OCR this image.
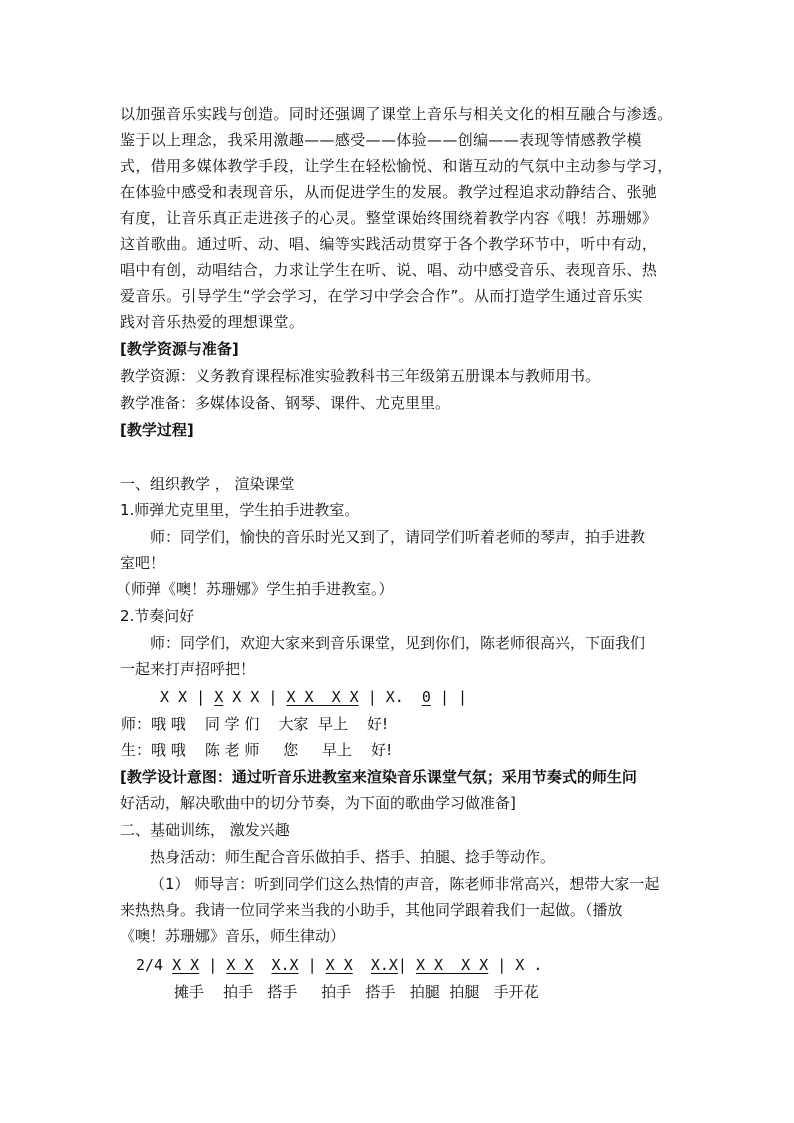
以加强音乐实践与创造。同时还强调了课堂上音乐与相关文化的相互融合与渗透。
鉴于以上理念，我采用激趣——感受——体验——创编——表现等情感教学模
式，借用多媒体教学手段，让学生在轻松愉悦、和谐互动的气氛中主动参与学习，
在体验中感受和表现音乐，从而促进学生的发展。教学过程追求动静结合、张驰
有度，让音乐真正走进孩子的心灵。整堂课始终围绕着教学内容《哦！苏珊娜》
这首歌曲。通过听、动、唱、编等实践活动贯穿于各个教学环节中，听中有动，
唱中有创，动唱结合，力求让学生在听、说、唱、动中感受音乐、表现音乐、热
爱音乐。引导学生“学会学习，在学习中学会合作”。从而打造学生通过音乐实
践对音乐热爱的理想课堂。
[教学资源与准备]
教学资源：义务教育课程标准实验教科书三年级第五册课本与教师用书。
教学准备：多媒体设备、钢琴、课件、尤克里里。
[教学过程]
一、组织教学 ， 渲染课堂
1.师弹尤克里里，学生拍手进教室。
师：同学们，愉快的音乐时光又到了，请同学们听着老师的琴声，拍手进教
室吧！
（师弹《噢！苏珊娜》学生拍手进教室。）
2.节奏问好
师：同学们，欢迎大家来到音乐课堂，见到你们，陈老师很高兴，下面我们
一起来打声招呼把！
X X | X X X | X X  X X | X.  0 | |
师：哦 哦    同 学 们    大家  早上    好!
生：哦 哦    陈 老 师     您     早上    好!
[教学设计意图：通过听音乐进教室来渲染音乐课堂气氛；采用节奏式的师生问
好活动，解决歌曲中的切分节奏，为下面的歌曲学习做准备]
二、基础训练， 激发兴趣
热身活动：师生配合音乐做拍手、搭手、拍腿、捻手等动作。
（1） 师导言：听到同学们这么热情的声音，陈老师非常高兴，想带大家一起
来热热身。我请一位同学来当我的小助手，其他同学跟着我们一起做。（播放
《噢！苏珊娜》音乐，师生律动）
2/4 X X | X X X.X | X X X.X| X X  X X | X .
摊手    拍手   搭手     拍手   搭手   拍腿  拍腿   手开花
